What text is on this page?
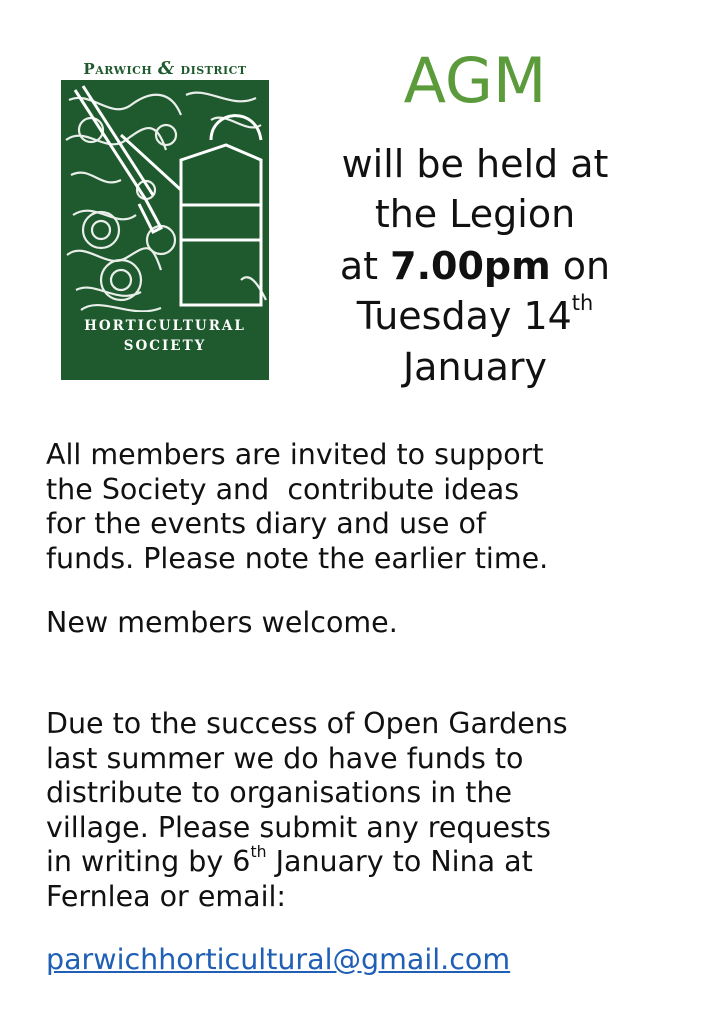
Parwich & district
HORTICULTURAL
SOCIETY
AGM
will be held at
the Legion
at 7.00pm on
Tuesday 14th
January
All members are invited to support
the Society and  contribute ideas
for the events diary and use of
funds. Please note the earlier time.
New members welcome.
Due to the success of Open Gardens
last summer we do have funds to
distribute to organisations in the
village. Please submit any requests
in writing by 6th January to Nina at
Fernlea or email:
parwichhorticultural@gmail.com
